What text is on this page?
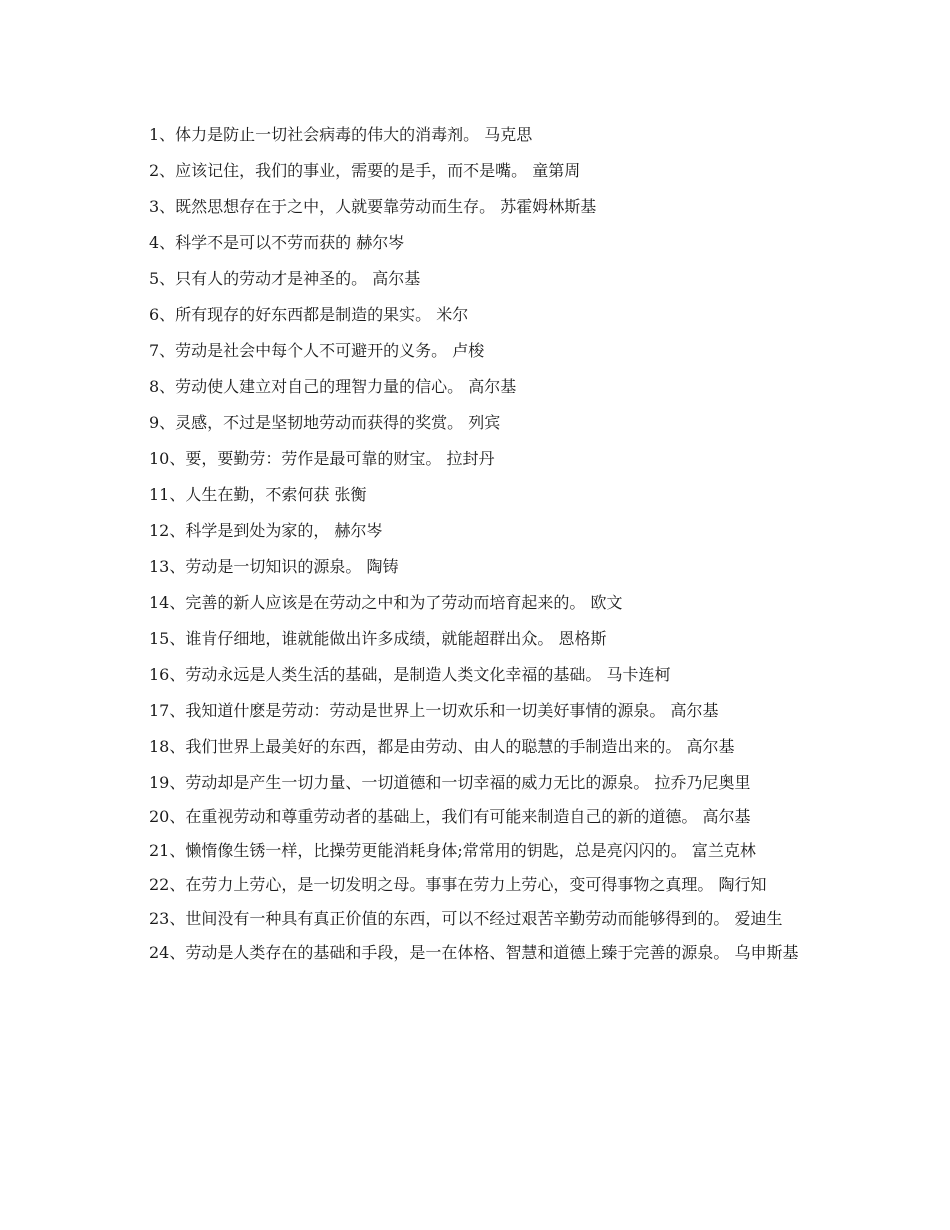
1、体力是防止一切社会病毒的伟大的消毒剂。 马克思
2、应该记住，我们的事业，需要的是手，而不是嘴。 童第周
3、既然思想存在于之中，人就要靠劳动而生存。 苏霍姆林斯基
4、科学不是可以不劳而获的 赫尔岑
5、只有人的劳动才是神圣的。 高尔基
6、所有现存的好东西都是制造的果实。 米尔
7、劳动是社会中每个人不可避开的义务。 卢梭
8、劳动使人建立对自己的理智力量的信心。 高尔基
9、灵感，不过是坚韧地劳动而获得的奖赏。 列宾
10、要，要勤劳：劳作是最可靠的财宝。 拉封丹
11、人生在勤，不索何获 张衡
12、科学是到处为家的， 赫尔岑
13、劳动是一切知识的源泉。 陶铸
14、完善的新人应该是在劳动之中和为了劳动而培育起来的。 欧文
15、谁肯仔细地，谁就能做出许多成绩，就能超群出众。 恩格斯
16、劳动永远是人类生活的基础，是制造人类文化幸福的基础。 马卡连柯
17、我知道什麽是劳动：劳动是世界上一切欢乐和一切美好事情的源泉。 高尔基
18、我们世界上最美好的东西，都是由劳动、由人的聪慧的手制造出来的。 高尔基
19、劳动却是产生一切力量、一切道德和一切幸福的威力无比的源泉。 拉乔乃尼奥里
20、在重视劳动和尊重劳动者的基础上，我们有可能来制造自己的新的道德。 高尔基
21、懒惰像生锈一样，比操劳更能消耗身体;常常用的钥匙，总是亮闪闪的。 富兰克林
22、在劳力上劳心，是一切发明之母。事事在劳力上劳心，变可得事物之真理。 陶行知
23、世间没有一种具有真正价值的东西，可以不经过艰苦辛勤劳动而能够得到的。 爱迪生
24、劳动是人类存在的基础和手段，是一在体格、智慧和道德上臻于完善的源泉。 乌申斯基
